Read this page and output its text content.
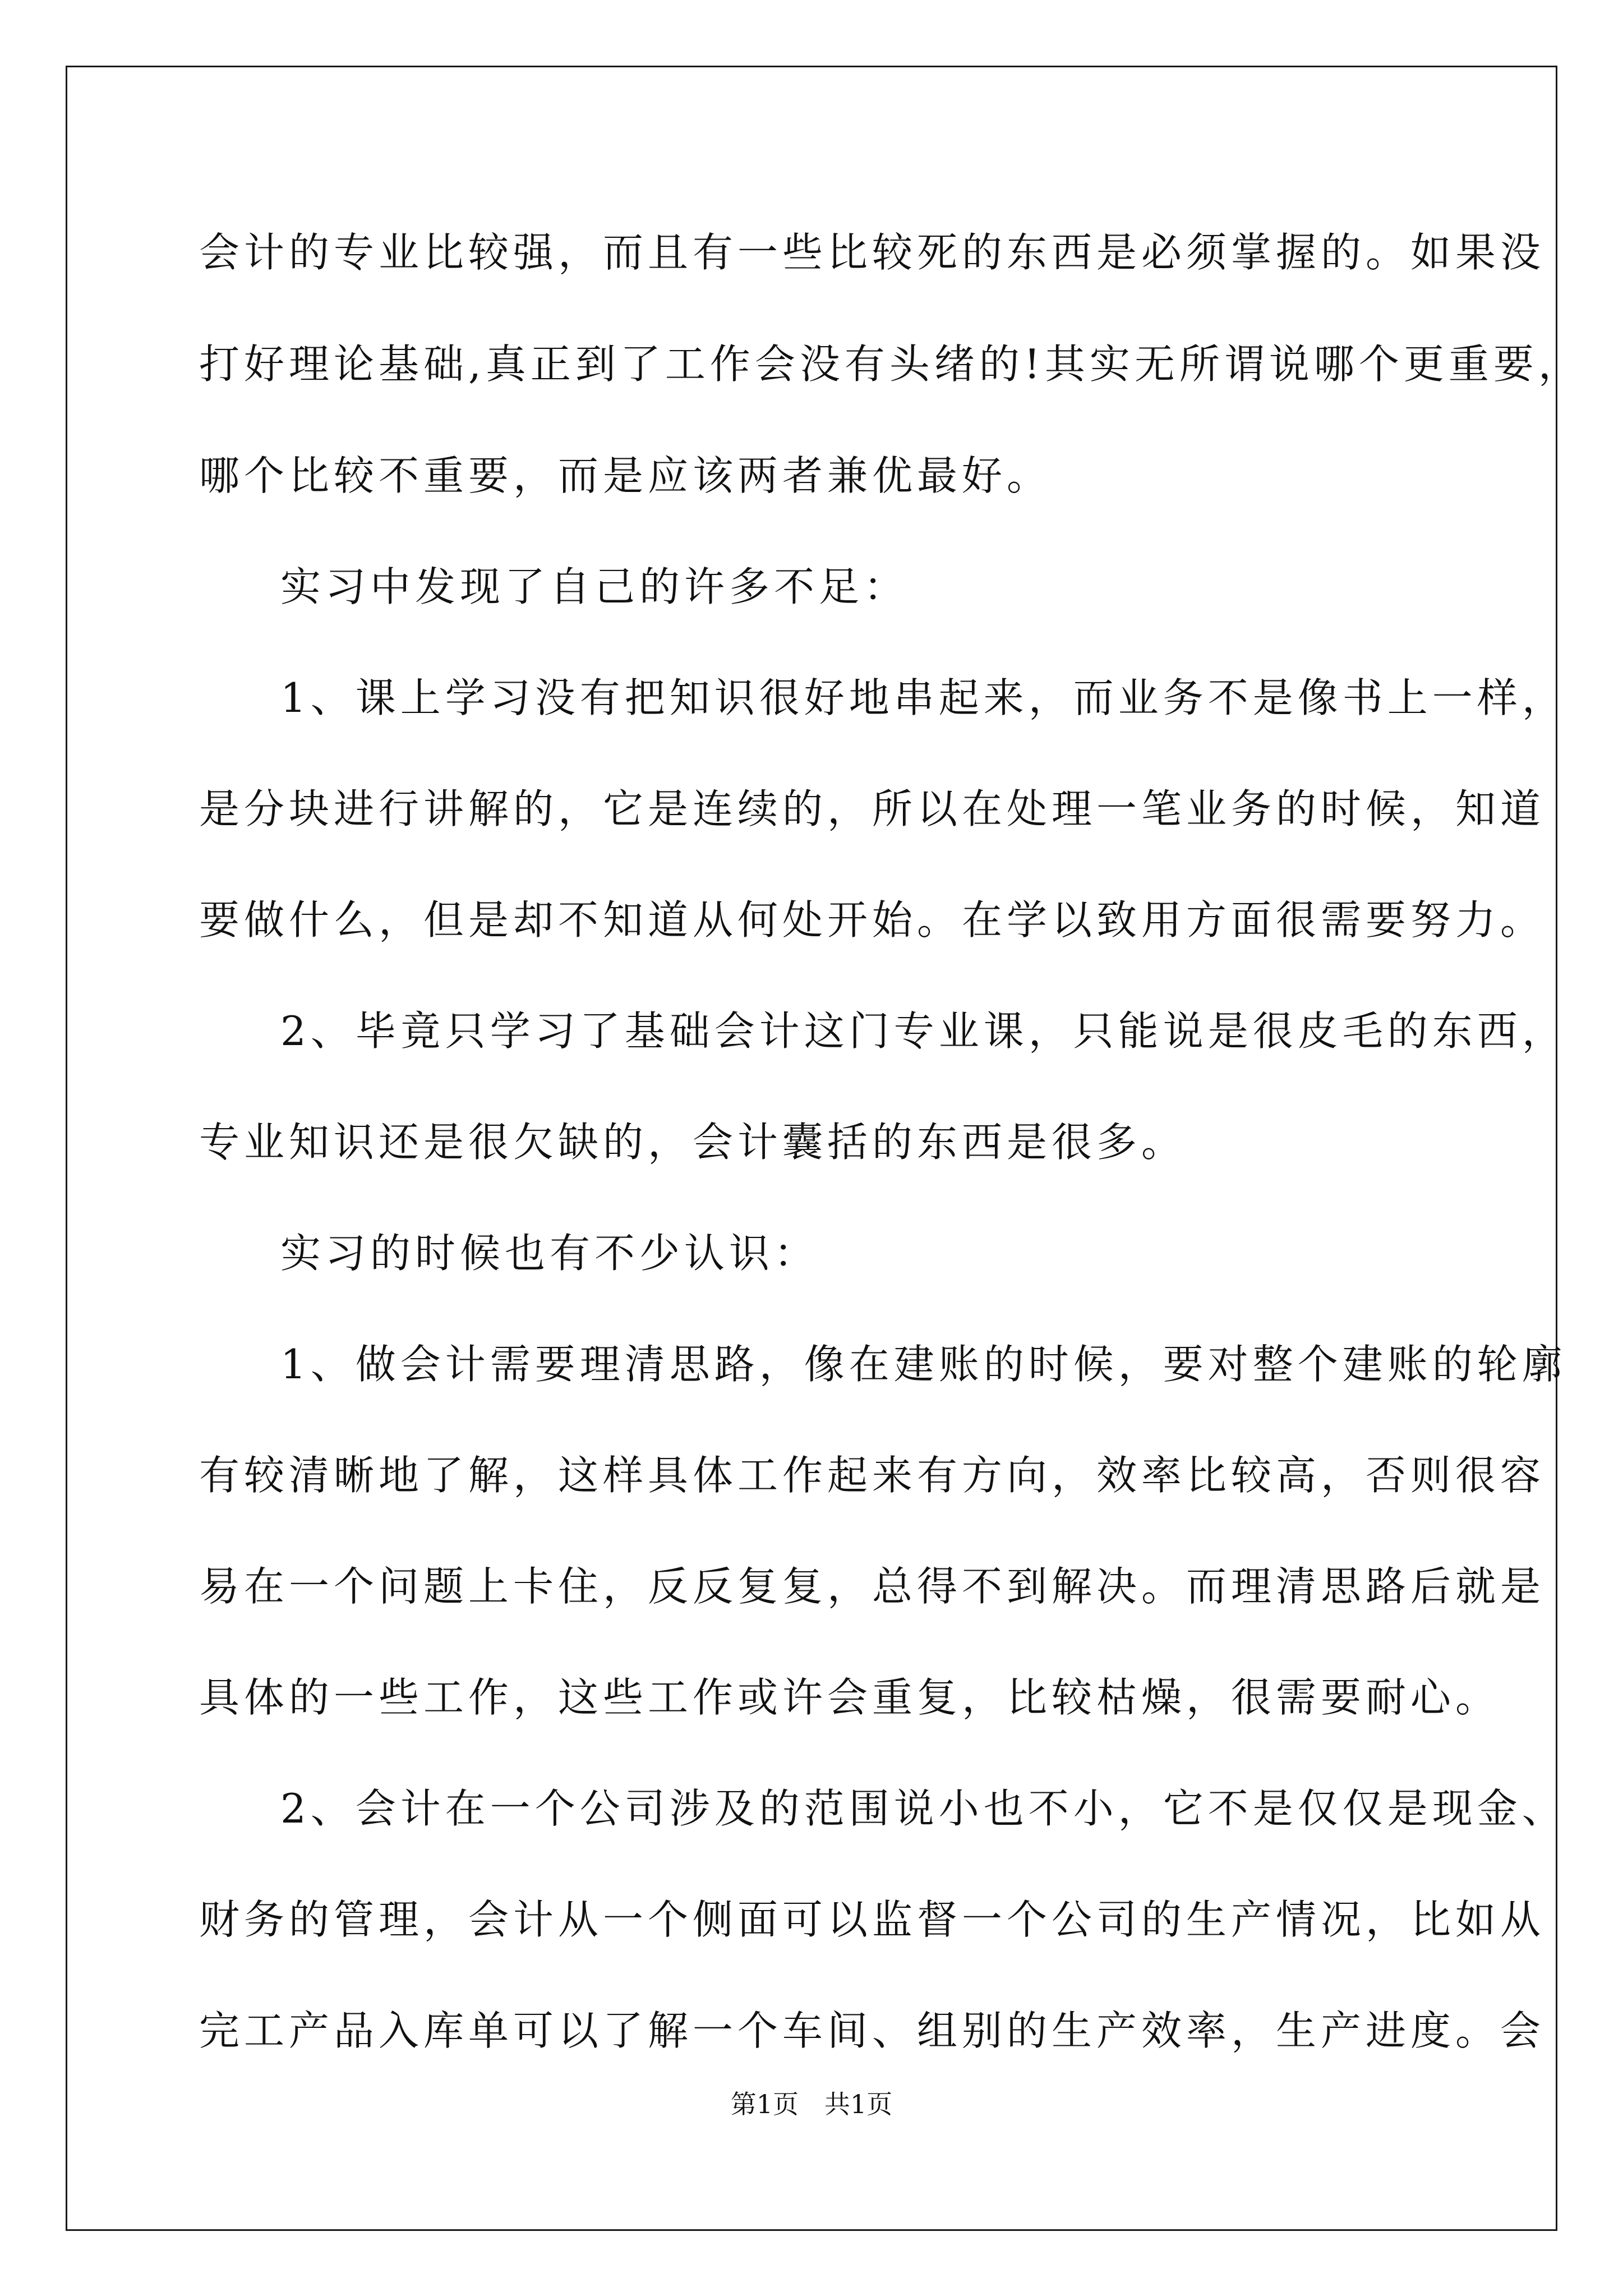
会计的专业比较强，而且有一些比较死的东西是必须掌握的。如果没
打好理论基础,真正到了工作会没有头绪的!其实无所谓说哪个更重要，
哪个比较不重要，而是应该两者兼优最好。
实习中发现了自己的许多不足：
1、课上学习没有把知识很好地串起来，而业务不是像书上一样，
是分块进行讲解的，它是连续的，所以在处理一笔业务的时候，知道
要做什么，但是却不知道从何处开始。在学以致用方面很需要努力。
2、毕竟只学习了基础会计这门专业课，只能说是很皮毛的东西，
专业知识还是很欠缺的，会计囊括的东西是很多。
实习的时候也有不少认识：
1、做会计需要理清思路，像在建账的时候，要对整个建账的轮廓
有较清晰地了解，这样具体工作起来有方向，效率比较高，否则很容
易在一个问题上卡住，反反复复，总得不到解决。而理清思路后就是
具体的一些工作，这些工作或许会重复，比较枯燥，很需要耐心。
2、会计在一个公司涉及的范围说小也不小，它不是仅仅是现金、
财务的管理，会计从一个侧面可以监督一个公司的生产情况，比如从
完工产品入库单可以了解一个车间、组别的生产效率，生产进度。会
第1页　共1页
